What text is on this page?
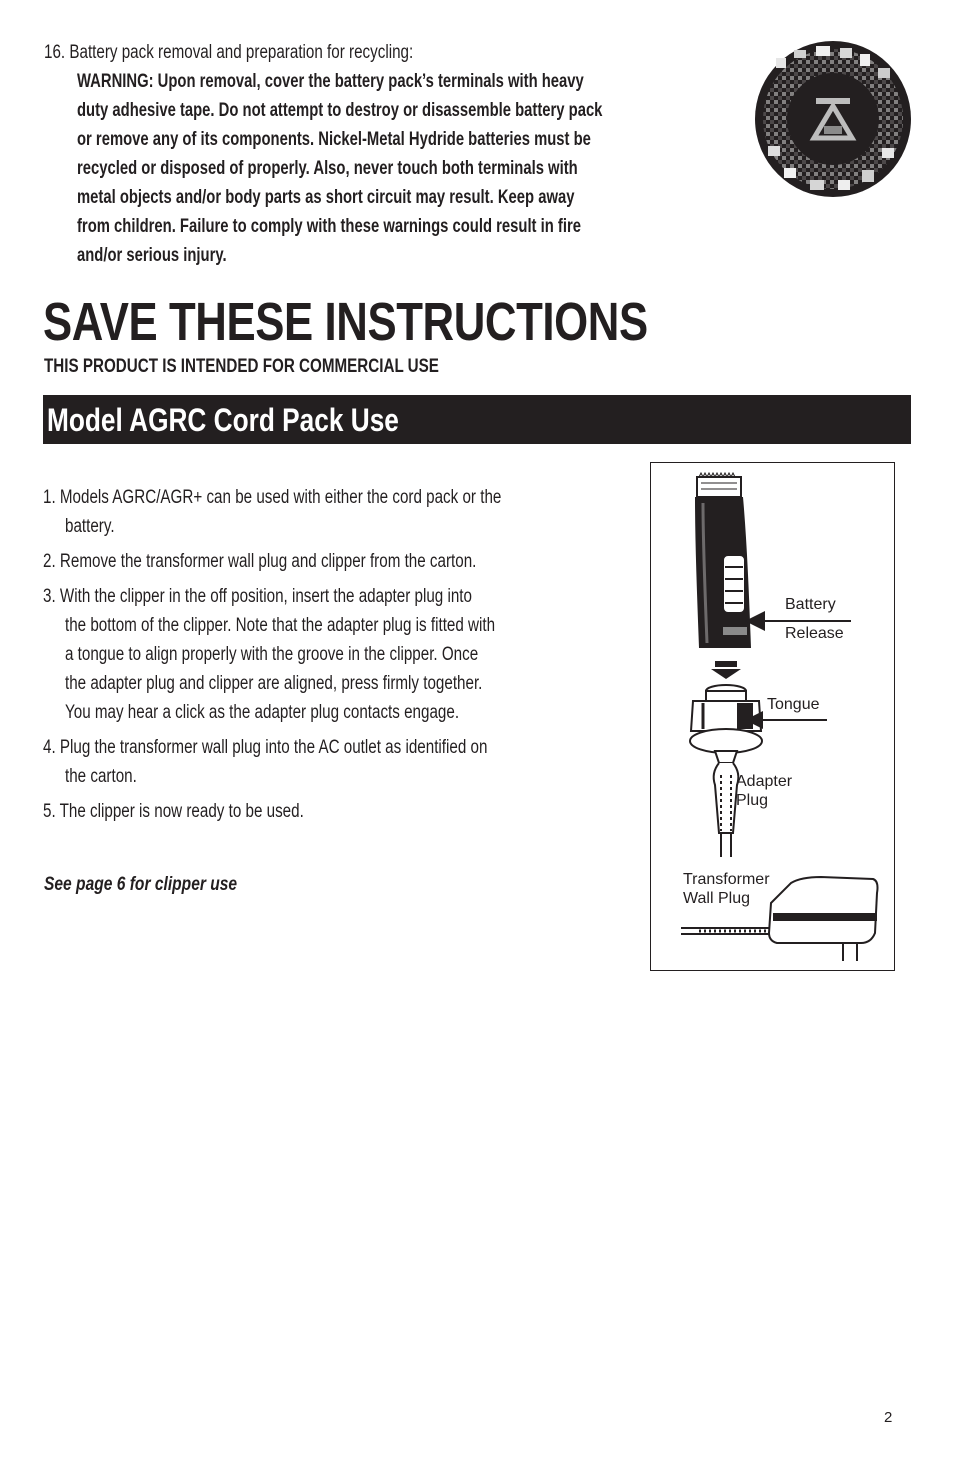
16. Battery pack removal and preparation for recycling:
WARNING: Upon removal, cover the battery pack’s terminals with heavy
duty adhesive tape. Do not attempt to destroy or disassemble battery pack
or remove any of its components. Nickel-Metal Hydride batteries must be
recycled or disposed of properly. Also, never touch both terminals with
metal objects and/or body parts as short circuit may result. Keep away
from children. Failure to comply with these warnings could result in fire
and/or serious injury.
SAVE THESE INSTRUCTIONS
THIS PRODUCT IS INTENDED FOR COMMERCIAL USE
Model AGRC Cord Pack Use
1. Models AGRC/AGR+ can be used with either the cord pack or the
battery.
2. Remove the transformer wall plug and clipper from the carton.
3. With the clipper in the off position, insert the adapter plug into
the bottom of the clipper. Note that the adapter plug is fitted with
a tongue to align properly with the groove in the clipper. Once
the adapter plug and clipper are aligned, press firmly together.
You may hear a click as the adapter plug contacts engage.
4. Plug the transformer wall plug into the AC outlet as identified on
the carton.
5. The clipper is now ready to be used.
See page 6 for clipper use
Battery
Release
Tongue
Adapter
Plug
Transformer
Wall Plug
2
